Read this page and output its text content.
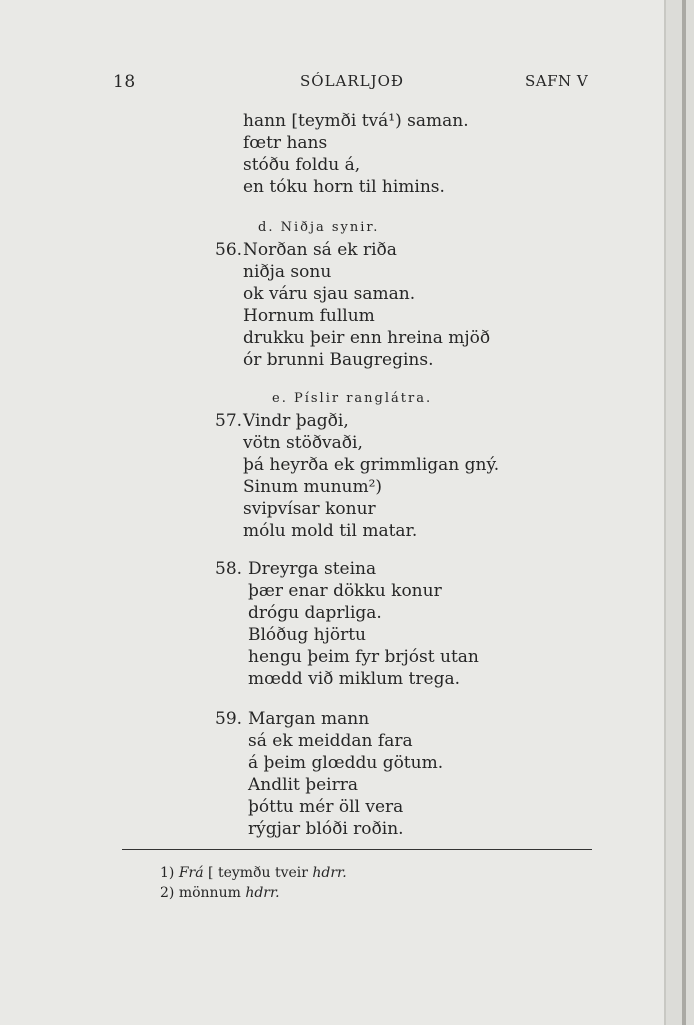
18	SÓLARLJOÐ	SAFN V
hann [teymði tvá¹) saman.
fœtr hans
stóðu foldu á,
en tóku horn til himins.
d. Niðja synir.
56. Norðan sá ek riða
niðja sonu
ok váru sjau saman.
Hornum fullum
drukku þeir enn hreina mjöð
ór brunni Baugregins.
e. Píslir ranglátra.
57. Vindr þagði,
vötn stöðvaði,
þá heyrða ek grimmligan gný.
Sinum munum²)
svipvísar konur
mólu mold til matar.
58. Dreyrga steina
þær enar dökku konur
drógu daprliga.
Blóðug hjörtu
hengu þeim fyr brjóst utan
mœdd við miklum trega.
59. Margan mann
sá ek meiddan fara
á þeim glœddu götum.
Andlit þeirra
þóttu mér öll vera
rýgjar blóði roðin.
1) Frá [ teymðu tveir hdrr.
2) mönnum hdrr.
